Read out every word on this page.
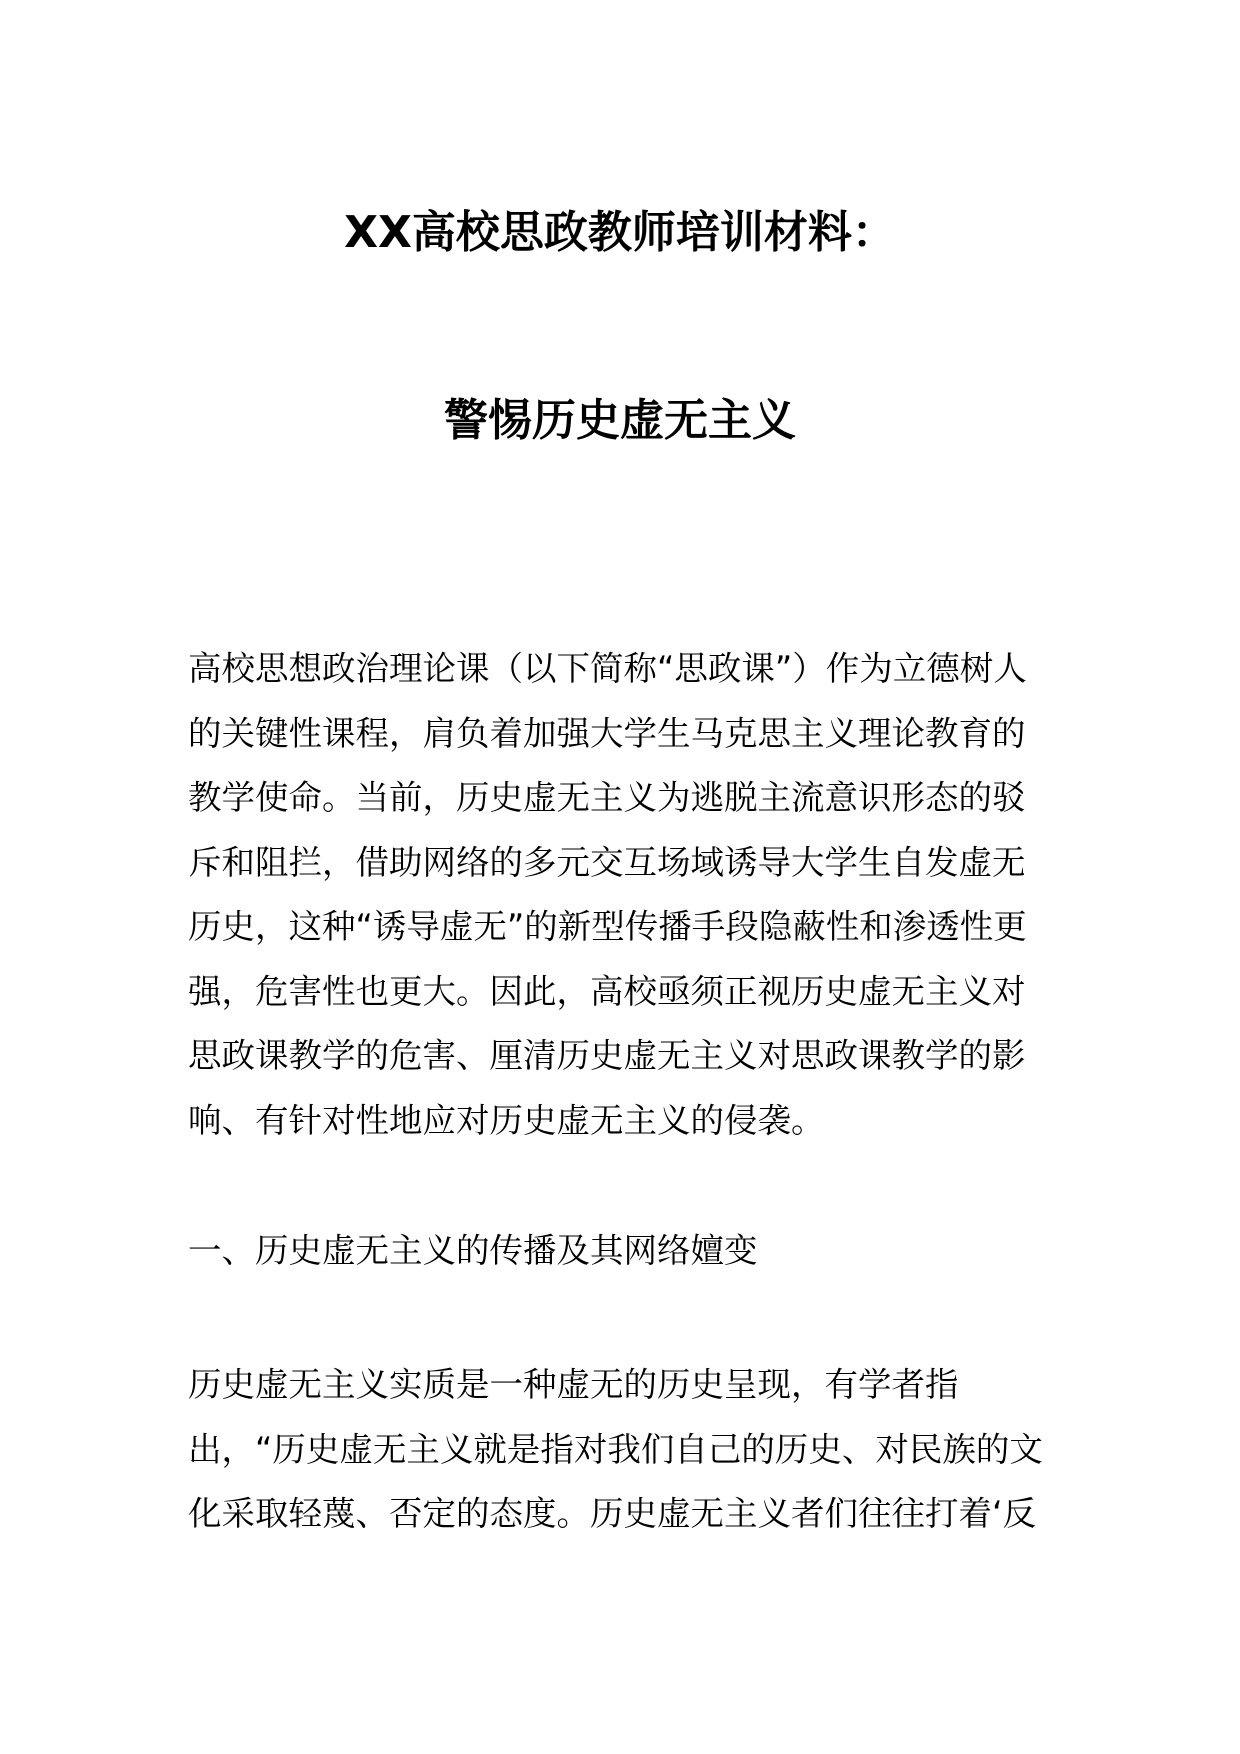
XX高校思政教师培训材料：
警惕历史虚无主义
高校思想政治理论课（以下简称“思政课”）作为立德树人的关键性课程，肩负着加强大学生马克思主义理论教育的教学使命。当前，历史虚无主义为逃脱主流意识形态的驳斥和阻拦，借助网络的多元交互场域诱导大学生自发虚无历史，这种“诱导虚无”的新型传播手段隐蔽性和渗透性更强，危害性也更大。因此，高校亟须正视历史虚无主义对思政课教学的危害、厘清历史虚无主义对思政课教学的影响、有针对性地应对历史虚无主义的侵袭。
一、历史虚无主义的传播及其网络嬗变
历史虚无主义实质是一种虚无的历史呈现，有学者指出，“历史虚无主义就是指对我们自己的历史、对民族的文化采取轻蔑、否定的态度。历史虚无主义者们往往打着‘反
